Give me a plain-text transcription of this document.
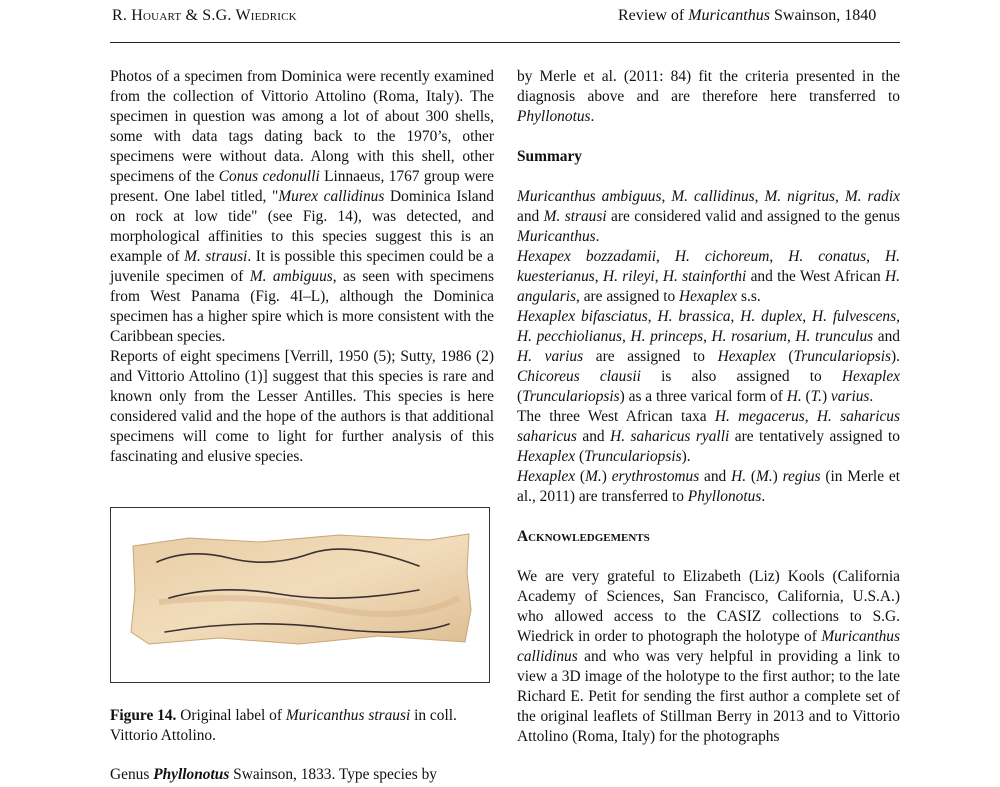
R. Houart & S.G. Wiedrick	Review of Muricanthus Swainson, 1840

Photos of a specimen from Dominica were recently examined from the collection of Vittorio Attolino (Roma, Italy). The specimen in question was among a lot of about 300 shells, some with data tags dating back to the 1970’s, other specimens were without data. Along with this shell, other specimens of the Conus cedonulli Linnaeus, 1767 group were present. One label titled, "Murex callidinus Dominica Island on rock at low tide" (see Fig. 14), was detected, and morphological affinities to this species suggest this is an example of M. strausi. It is possible this specimen could be a juvenile specimen of M. ambiguus, as seen with specimens from West Panama (Fig. 4I–L), although the Dominica specimen has a higher spire which is more consistent with the Caribbean species.

Reports of eight specimens [Verrill, 1950 (5); Sutty, 1986 (2) and Vittorio Attolino (1)] suggest that this species is rare and known only from the Lesser Antilles. This species is here considered valid and the hope of the authors is that additional specimens will come to light for further analysis of this fascinating and elusive species.

Figure 14. Original label of Muricanthus strausi in coll. Vittorio Attolino.
Genus Phyllonotus Swainson, 1833. Type species by

by Merle et al. (2011: 84) fit the criteria presented in the diagnosis above and are therefore here transferred to Phyllonotus.

Summary

Muricanthus ambiguus, M. callidinus, M. nigritus, M. radix and M. strausi are considered valid and assigned to the genus Muricanthus.

Hexapex bozzadamii, H. cichoreum, H. conatus, H. kuesterianus, H. rileyi, H. stainforthi and the West African H. angularis, are assigned to Hexaplex s.s.

Hexaplex bifasciatus, H. brassica, H. duplex, H. fulvescens, H. pecchiolianus, H. princeps, H. rosarium, H. trunculus and H. varius are assigned to Hexaplex (Trunculariopsis). Chicoreus clausii is also assigned to Hexaplex (Trunculariopsis) as a three varical form of H. (T.) varius.

The three West African taxa H. megacerus, H. saharicus saharicus and H. saharicus ryalli are tentatively assigned to Hexaplex (Trunculariopsis).

Hexaplex (M.) erythrostomus and H. (M.) regius (in Merle et al., 2011) are transferred to Phyllonotus.

Acknowledgements

We are very grateful to Elizabeth (Liz) Kools (California Academy of Sciences, San Francisco, California, U.S.A.) who allowed access to the CASIZ collections to S.G. Wiedrick in order to photograph the holotype of Muricanthus callidinus and who was very helpful in providing a link to view a 3D image of the holotype to the first author; to the late Richard E. Petit for sending the first author a complete set of the original leaflets of Stillman Berry in 2013 and to Vittorio Attolino (Roma, Italy) for the photographs
